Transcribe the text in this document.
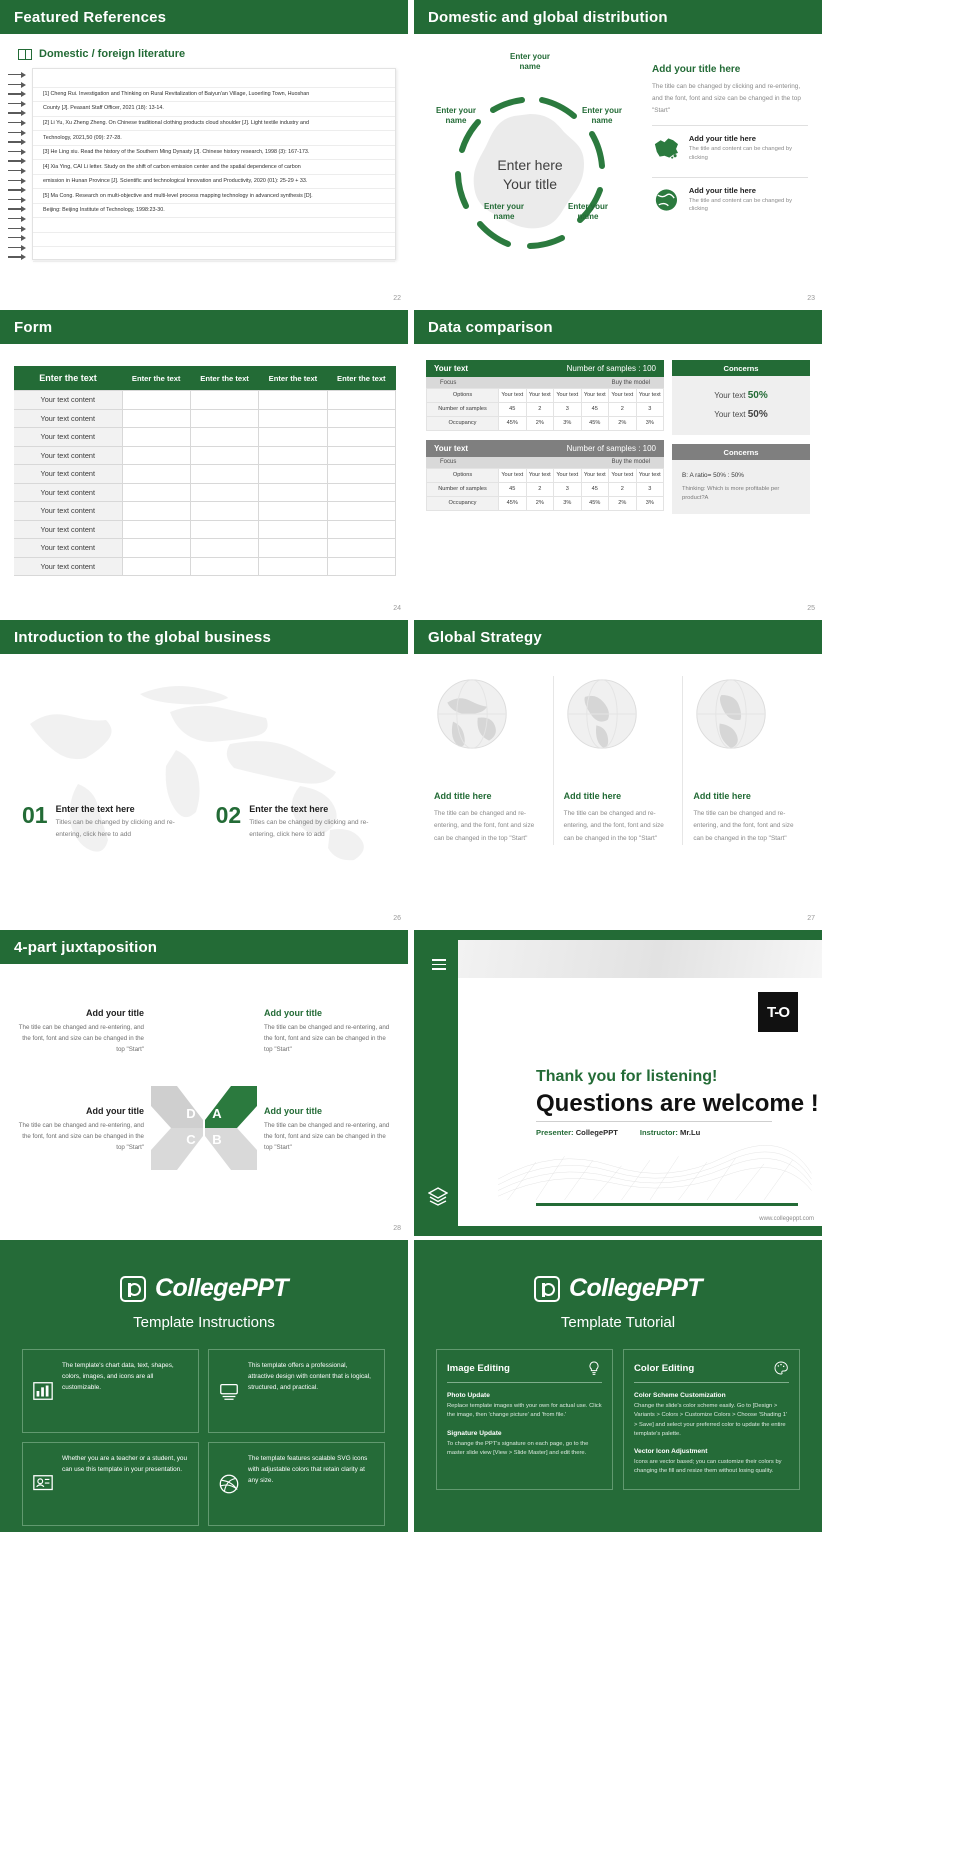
Featured References
Domestic / foreign literature
[1] Cheng Rui. Investigation and Thinking on Rural Revitalization of Baiyun'an Village, Luoerling Town, Huoshan
County [J]. Peasant Staff Officer, 2021 (18): 13-14.
[2] Li Yu, Xu Zheng Zheng. On Chinese traditional clothing products cloud shoulder [J]. Light textile industry and
Technology, 2021,50 (09): 27-28.
[3] He Ling xiu. Read the history of the Southern Ming Dynasty [J]. Chinese history research, 1998 (3): 167-173.
[4] Xia Ying, CAI Li letter. Study on the shift of carbon emission center and the spatial dependence of carbon
emission in Hunan Province [J]. Scientific and technological Innovation and Productivity, 2020 (01): 25-29 + 33.
[5] Ma Cong. Research on multi-objective and multi-level process mapping technology in advanced synthesis [D].
Beijing: Beijing Institute of Technology, 1998:23-30.
22
Domestic and global distribution
Enter here
Your title
Enter your name
Enter your name
Enter your name
Enter your name
Enter your name
Add your title here

The title can be changed by clicking and re-entering, and the font, font and size can be changed in the top "Start"

Add your title here

The title and content can be changed by clicking

Add your title here

The title and content can be changed by clicking

23
Form
Enter the text	Enter the text	Enter the text	Enter the text	Enter the text
Your text content				
Your text content				
Your text content				
Your text content				
Your text content				
Your text content				
Your text content				
Your text content				
Your text content				
Your text content				
24
Data comparison
Your text	Number of samples : 100
Focus	Buy the model
Options	Your text	Your text	Your text	Your text	Your text	Your text
Number of samples	45	2	3	45	2	3
Occupancy	45%	2%	3%	45%	2%	3%
Your text	Number of samples : 100
Focus	Buy the model
Options	Your text	Your text	Your text	Your text	Your text	Your text
Number of samples	45	2	3	45	2	3
Occupancy	45%	2%	3%	45%	2%	3%
Concerns
Your text 50%
Your text 50%
Concerns
B: A ratio= 50% : 50%
Thinking: Which is more profitable per product?A
25
Introduction to the global business
01 Enter the text here

Titles can be changed by clicking and re-entering, click here to add

02 Enter the text here

Titles can be changed by clicking and re-entering, click here to add

26
Global Strategy
Add title here

The title can be changed and re-entering, and the font, font and size can be changed in the top "Start"

Add title here

The title can be changed and re-entering, and the font, font and size can be changed in the top "Start"

Add title here

The title can be changed and re-entering, and the font, font and size can be changed in the top "Start"

27
4-part juxtaposition
D A
C B
Add your title

The title can be changed and re-entering, and the font, font and size can be changed in the top "Start"

Add your title

The title can be changed and re-entering, and the font, font and size can be changed in the top "Start"

Add your title

The title can be changed and re-entering, and the font, font and size can be changed in the top "Start"

Add your title

The title can be changed and re-entering, and the font, font and size can be changed in the top "Start"

28
T-O
Thank you for listening!
Questions are welcome !
Presenter: CollegePPT	Instructor: Mr.Lu
www.collegeppt.com
CollegePPT
Template Instructions

The template's chart data, text, shapes, colors, images, and icons are all customizable.

This template offers a professional, attractive design with content that is logical, structured, and practical.

Whether you are a teacher or a student, you can use this template in your presentation.

The template features scalable SVG icons with adjustable colors that retain clarity at any size.

CollegePPT
Template Tutorial
Image Editing
Photo Update

Replace template images with your own for actual use. Click the image, then 'change picture' and 'from file.'

Signature Update

To change the PPT's signature on each page, go to the master slide view [View > Slide Master] and edit there.

Color Editing
Color Scheme Customization

Change the slide's color scheme easily. Go to [Design > Variants > Colors > Customize Colors > Choose 'Shading 1' > Save] and select your preferred color to update the entire template's palette.

Vector Icon Adjustment

Icons are vector based; you can customize their colors by changing the fill and resize them without losing quality.
